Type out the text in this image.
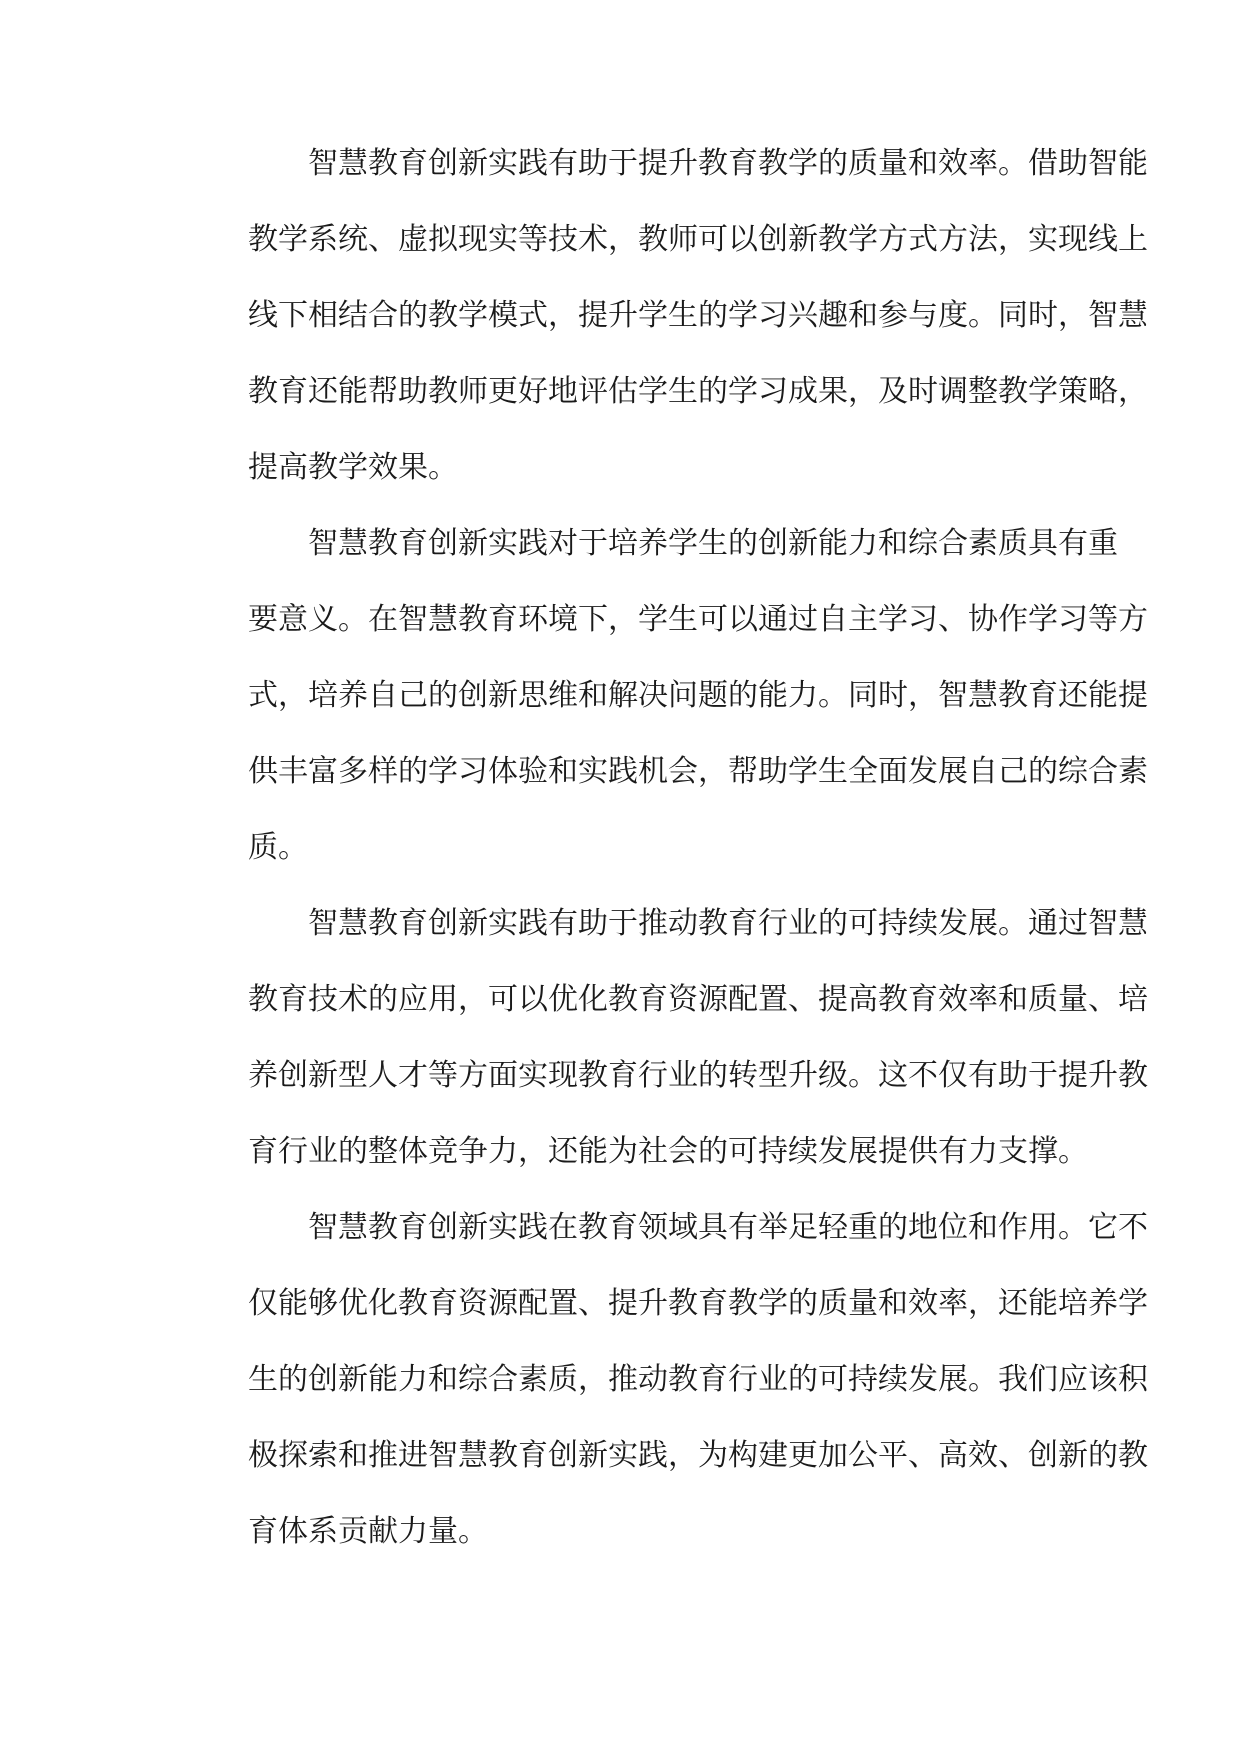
智慧教育创新实践有助于提升教育教学的质量和效率。借助智能
教学系统、虚拟现实等技术，教师可以创新教学方式方法，实现线上
线下相结合的教学模式，提升学生的学习兴趣和参与度。同时，智慧
教育还能帮助教师更好地评估学生的学习成果，及时调整教学策略，
提高教学效果。
智慧教育创新实践对于培养学生的创新能力和综合素质具有重
要意义。在智慧教育环境下，学生可以通过自主学习、协作学习等方
式，培养自己的创新思维和解决问题的能力。同时，智慧教育还能提
供丰富多样的学习体验和实践机会，帮助学生全面发展自己的综合素
质。
智慧教育创新实践有助于推动教育行业的可持续发展。通过智慧
教育技术的应用，可以优化教育资源配置、提高教育效率和质量、培
养创新型人才等方面实现教育行业的转型升级。这不仅有助于提升教
育行业的整体竞争力，还能为社会的可持续发展提供有力支撑。
智慧教育创新实践在教育领域具有举足轻重的地位和作用。它不
仅能够优化教育资源配置、提升教育教学的质量和效率，还能培养学
生的创新能力和综合素质，推动教育行业的可持续发展。我们应该积
极探索和推进智慧教育创新实践，为构建更加公平、高效、创新的教
育体系贡献力量。
